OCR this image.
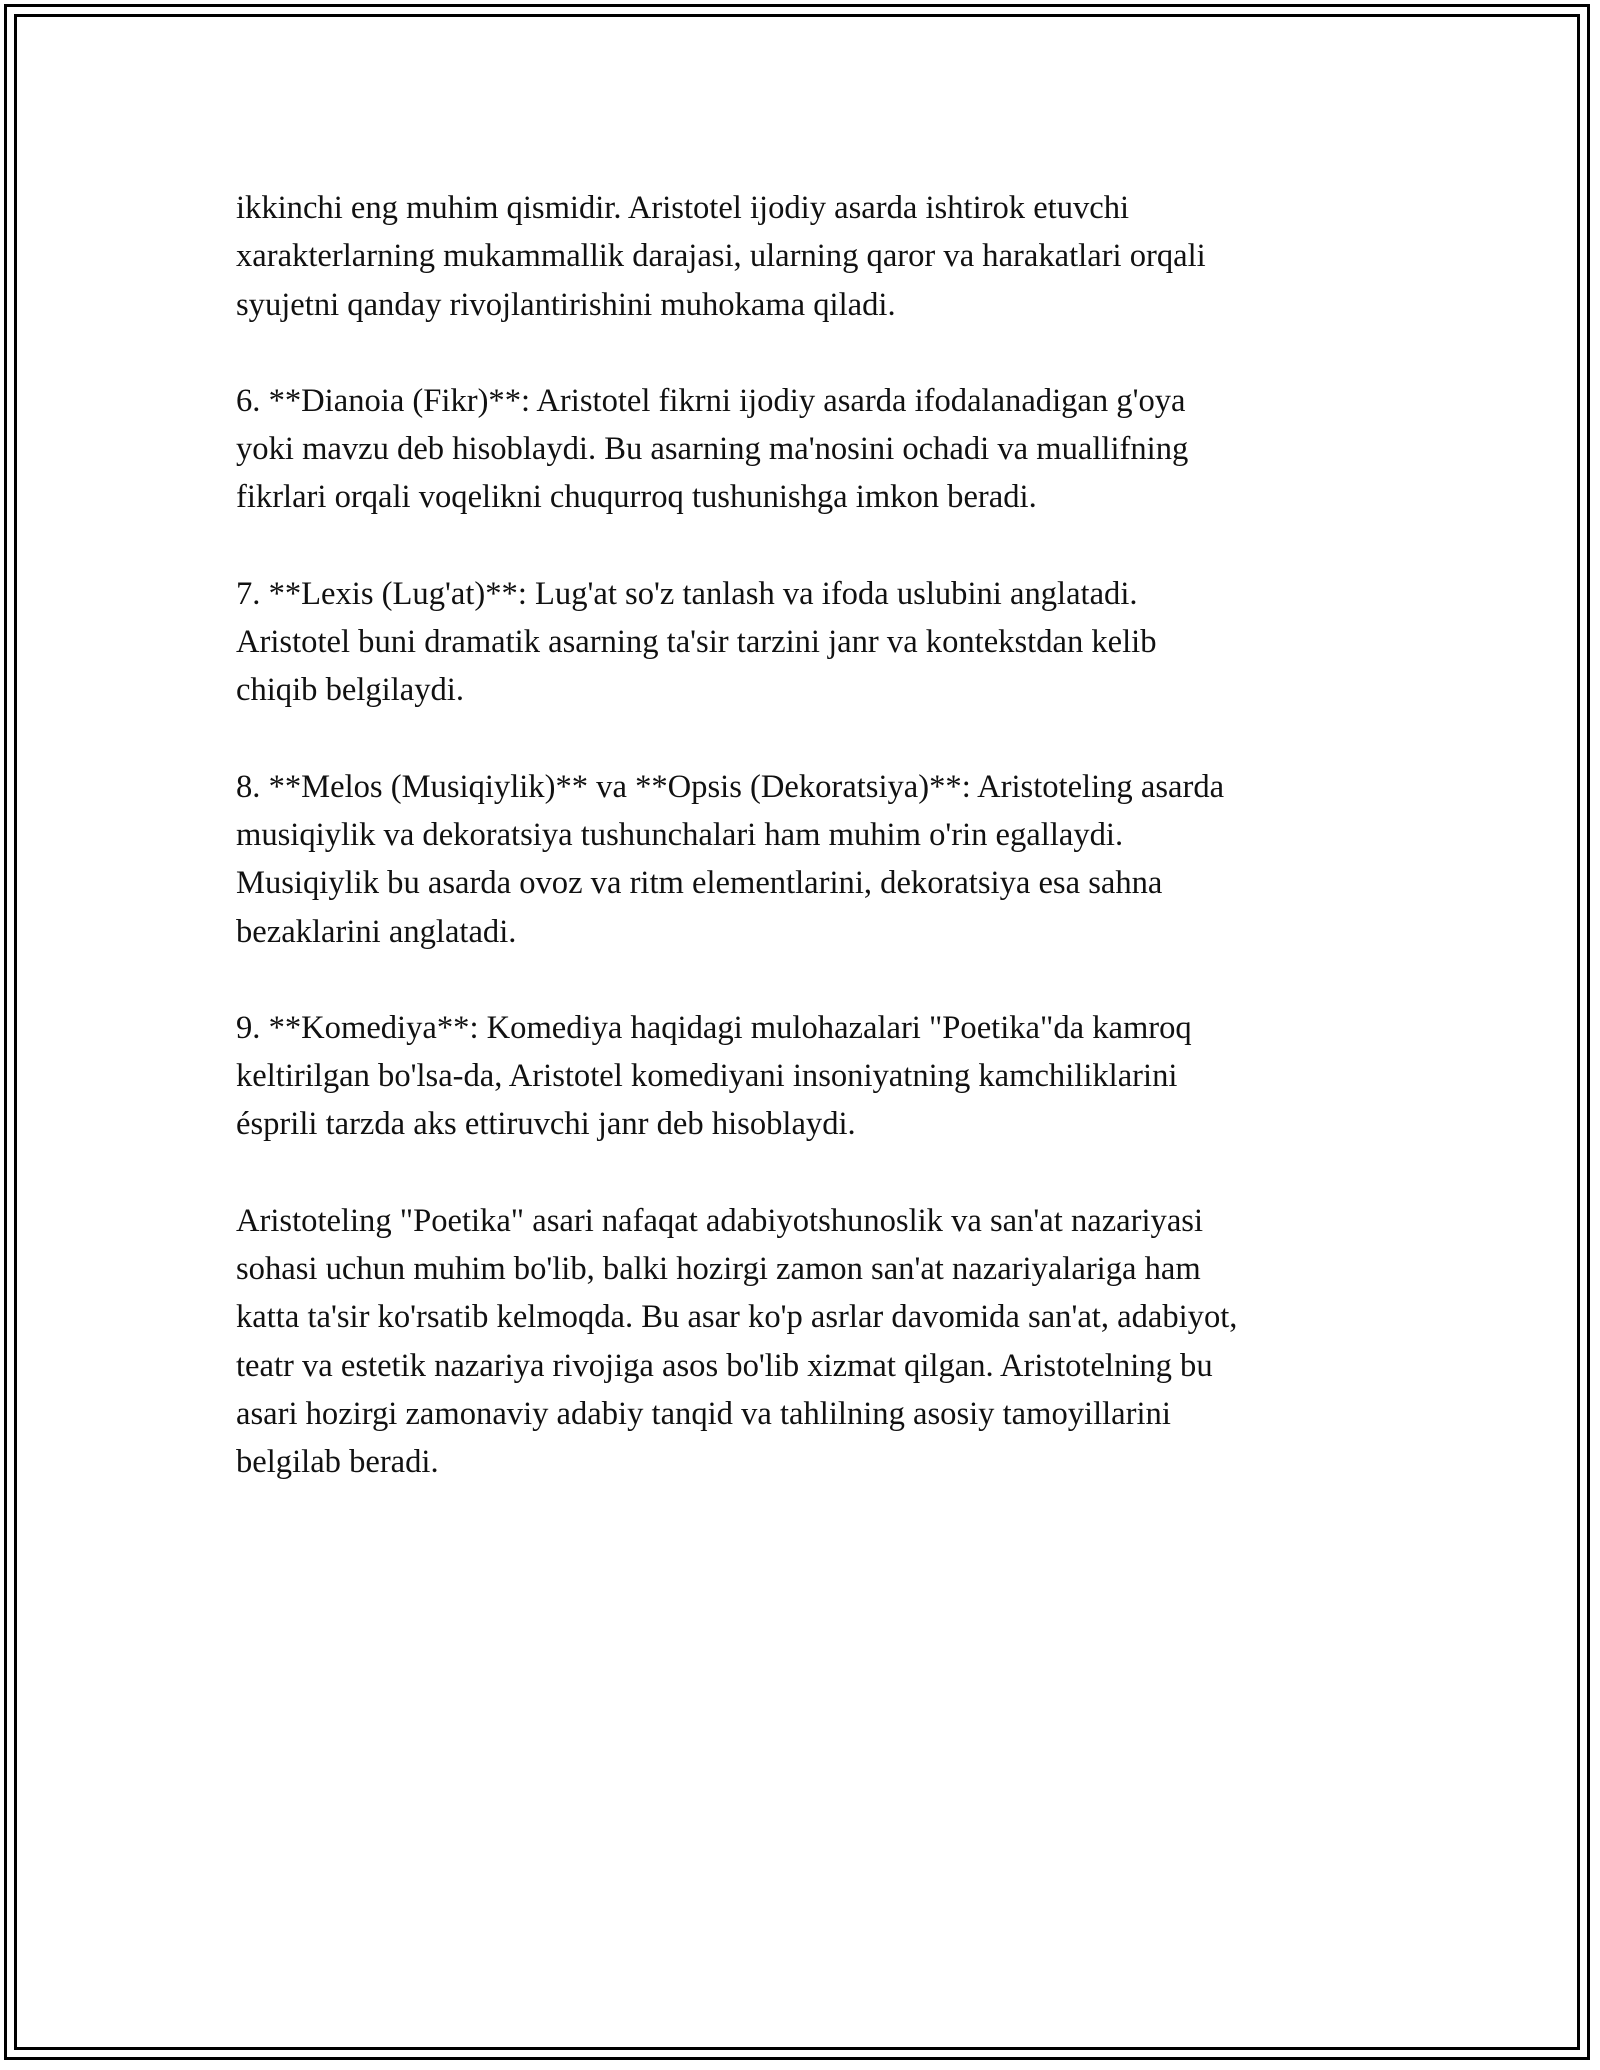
ikkinchi eng muhim qismidir. Aristotel ijodiy asarda ishtirok etuvchi
xarakterlarning mukammallik darajasi, ularning qaror va harakatlari orqali
syujetni qanday rivojlantirishini muhokama qiladi.

6. **Dianoia (Fikr)**: Aristotel fikrni ijodiy asarda ifodalanadigan g'oya
yoki mavzu deb hisoblaydi. Bu asarning ma'nosini ochadi va muallifning
fikrlari orqali voqelikni chuqurroq tushunishga imkon beradi.

7. **Lexis (Lug'at)**: Lug'at so'z tanlash va ifoda uslubini anglatadi.
Aristotel buni dramatik asarning ta'sir tarzini janr va kontekstdan kelib
chiqib belgilaydi.

8. **Melos (Musiqiylik)** va **Opsis (Dekoratsiya)**: Aristoteling asarda
musiqiylik va dekoratsiya tushunchalari ham muhim o'rin egallaydi.
Musiqiylik bu asarda ovoz va ritm elementlarini, dekoratsiya esa sahna
bezaklarini anglatadi.

9. **Komediya**: Komediya haqidagi mulohazalari "Poetika"da kamroq
keltirilgan bo'lsa-da, Aristotel komediyani insoniyatning kamchiliklarini
ésprili tarzda aks ettiruvchi janr deb hisoblaydi.

Aristoteling "Poetika" asari nafaqat adabiyotshunoslik va san'at nazariyasi
sohasi uchun muhim bo'lib, balki hozirgi zamon san'at nazariyalariga ham
katta ta'sir ko'rsatib kelmoqda. Bu asar ko'p asrlar davomida san'at, adabiyot,
teatr va estetik nazariya rivojiga asos bo'lib xizmat qilgan. Aristotelning bu
asari hozirgi zamonaviy adabiy tanqid va tahlilning asosiy tamoyillarini
belgilab beradi.
